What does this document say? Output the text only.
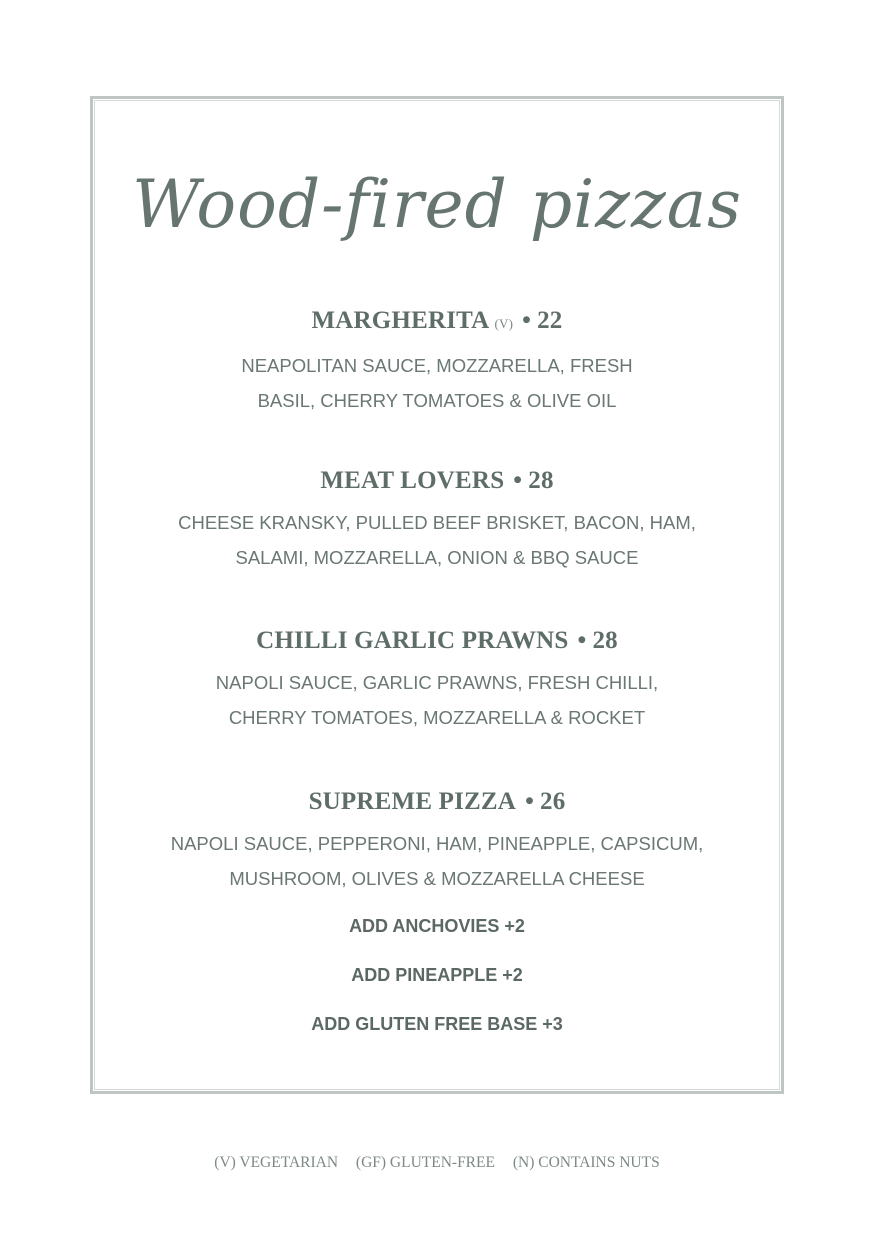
Wood-fired pizzas
MARGHERITA (V) • 22
NEAPOLITAN SAUCE, MOZZARELLA, FRESH
BASIL, CHERRY TOMATOES & OLIVE OIL
MEAT LOVERS • 28
CHEESE KRANSKY, PULLED BEEF BRISKET, BACON, HAM,
SALAMI, MOZZARELLA, ONION & BBQ SAUCE
CHILLI GARLIC PRAWNS • 28
NAPOLI SAUCE, GARLIC PRAWNS, FRESH CHILLI,
CHERRY TOMATOES, MOZZARELLA & ROCKET
SUPREME PIZZA • 26
NAPOLI SAUCE, PEPPERONI, HAM, PINEAPPLE, CAPSICUM,
MUSHROOM, OLIVES & MOZZARELLA CHEESE
ADD ANCHOVIES +2
ADD PINEAPPLE +2
ADD GLUTEN FREE BASE +3
(V) VEGETARIAN (GF) GLUTEN-FREE (N) CONTAINS NUTS
